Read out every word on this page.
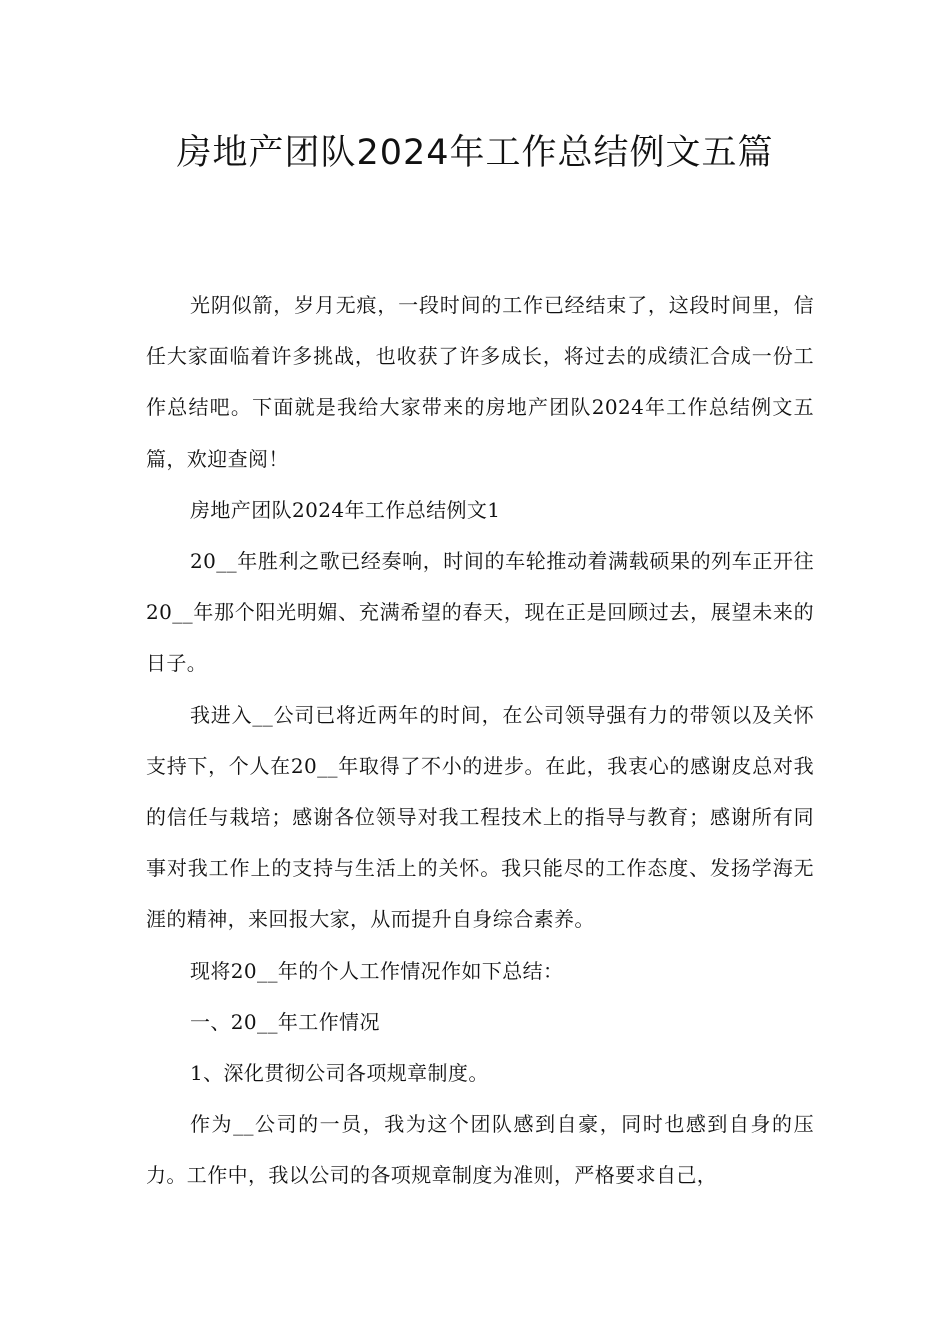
房地产团队2024年工作总结例文五篇

光阴似箭，岁月无痕，一段时间的工作已经结束了，这段时间里，信任大家面临着许多挑战，也收获了许多成长，将过去的成绩汇合成一份工作总结吧。下面就是我给大家带来的房地产团队2024年工作总结例文五篇，欢迎查阅！

房地产团队2024年工作总结例文1

20__年胜利之歌已经奏响，时间的车轮推动着满载硕果的列车正开往20__年那个阳光明媚、充满希望的春天，现在正是回顾过去，展望未来的日子。

我进入__公司已将近两年的时间，在公司领导强有力的带领以及关怀支持下，个人在20__年取得了不小的进步。在此，我衷心的感谢皮总对我的信任与栽培；感谢各位领导对我工程技术上的指导与教育；感谢所有同事对我工作上的支持与生活上的关怀。我只能尽的工作态度、发扬学海无涯的精神，来回报大家，从而提升自身综合素养。

现将20__年的个人工作情况作如下总结：

一、20__年工作情况

1、深化贯彻公司各项规章制度。

作为__公司的一员，我为这个团队感到自豪，同时也感到自身的压力。工作中，我以公司的各项规章制度为准则，严格要求自己，
